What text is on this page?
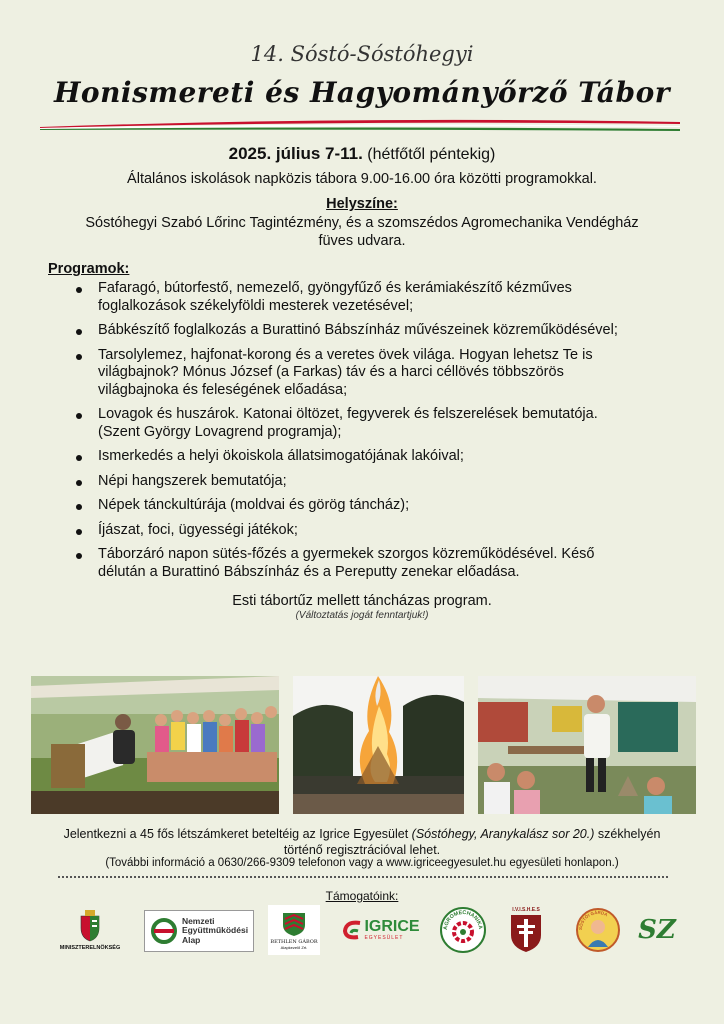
14. Sóstó-Sóstóhegyi
Honismereti és Hagyományőrző Tábor
2025. július 7-11. (hétfőtől péntekig)
Általános iskolások napközis tábora 9.00-16.00 óra közötti programokkal.
Helyszíne:
Sóstóhegyi Szabó Lőrinc Tagintézmény, és a szomszédos Agromechanika Vendégház
füves udvara.
Programok:
Fafaragó, bútorfestő, nemezelő, gyöngyfűző és kerámiakészítő kézműves
foglalkozások székelyföldi mesterek vezetésével;
Bábkészítő foglalkozás a Burattinó Bábszínház művészeinek közreműködésével;
Tarsolylemez, hajfonat-korong és a veretes övek világa. Hogyan lehetsz Te is
világbajnok? Mónus József (a Farkas) táv és a harci céllövés többszörös
világbajnoka és feleségének előadása;
Lovagok és huszárok. Katonai öltözet, fegyverek és felszerelések bemutatója.
(Szent György Lovagrend programja);
Ismerkedés a helyi ökoiskola állatsimogatójának lakóival;
Népi hangszerek bemutatója;
Népek tánckultúrája (moldvai és görög táncház);
Íjászat, foci, ügyességi játékok;
Táborzáró napon sütés-főzés a gyermekek szorgos közreműködésével. Késő
délután a Burattinó Bábszínház és a Pereputty zenekar előadása.
Esti tábortűz mellett táncházas program.
(Változtatás jogát fenntartjuk!)
Jelentkezni a 45 fős létszámkeret beteltéig az Igrice Egyesület (Sóstóhegy, Aranykalász sor 20.) székhelyén
történő regisztrációval lehet.
(További információ a 0630/266-9309 telefonon vagy a www.igriceegyesulet.hu egyesületi honlapon.)
Támogatóink:
MINISZTERELNÖKSÉG
Nemzeti
Együttműködési
Alap	BETHLEN GÁBOR
Alapkezelő Zrt.
IGRICE
EGYESÜLET
AGROMECHANIKA
I.V.I.S.H.E.S
SÓSTÓI GÁRDA
SZ
